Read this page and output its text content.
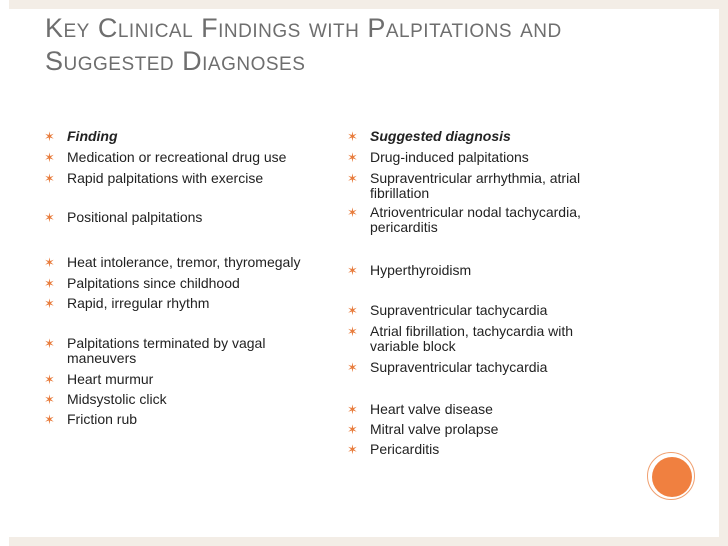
Key Clinical Findings with Palpitations and
Suggested Diagnoses
✶ Finding
✶ Medication or recreational drug use
✶ Rapid palpitations with exercise
✶ Positional palpitations
✶ Heat intolerance, tremor, thyromegaly
✶ Palpitations since childhood
✶ Rapid, irregular rhythm
✶ Palpitations terminated by vagal maneuvers
✶ Heart murmur
✶ Midsystolic click
✶ Friction rub
✶ Suggested diagnosis
✶ Drug-induced palpitations
✶ Supraventricular arrhythmia, atrial fibrillation
✶ Atrioventricular nodal tachycardia, pericarditis
✶ Hyperthyroidism
✶ Supraventricular tachycardia
✶ Atrial fibrillation, tachycardia with variable block
✶ Supraventricular tachycardia
✶ Heart valve disease
✶ Mitral valve prolapse
✶ Pericarditis
